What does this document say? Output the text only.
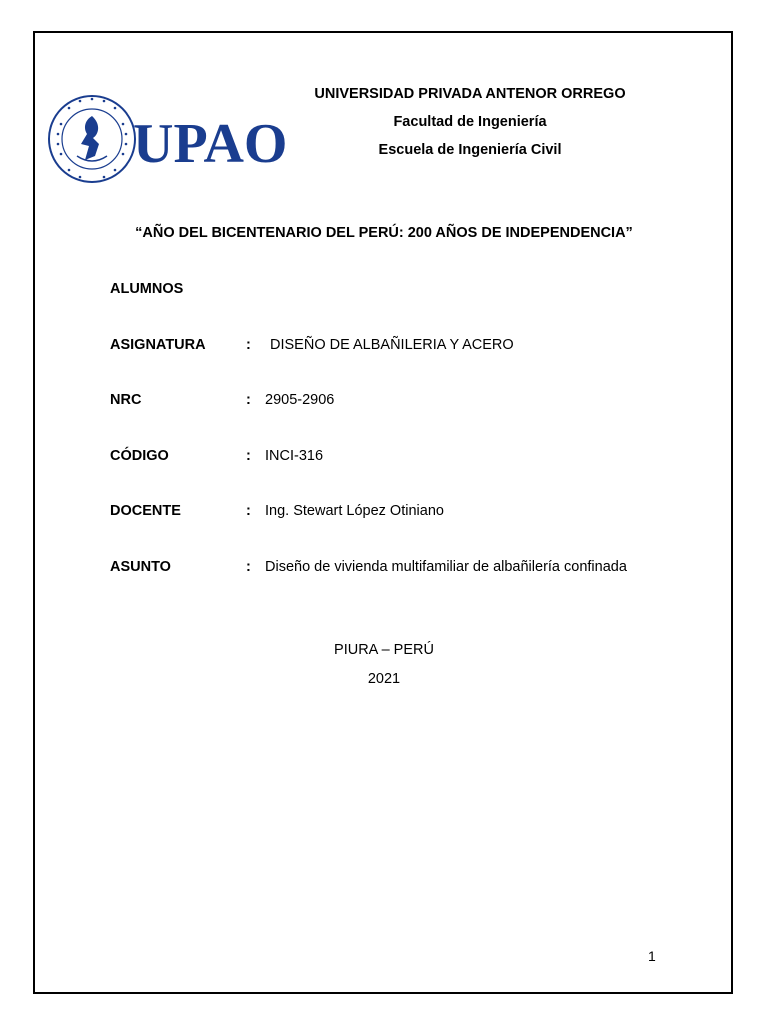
UPAO
UNIVERSIDAD PRIVADA ANTENOR ORREGO
Facultad de Ingeniería
Escuela de Ingeniería Civil
“AÑO DEL BICENTENARIO DEL PERÚ: 200 AÑOS DE INDEPENDENCIA”
ALUMNOS
ASIGNATURA	: DISEÑO DE ALBAÑILERIA Y ACERO
NRC	: 2905-2906
CÓDIGO	: INCI-316
DOCENTE	: Ing. Stewart López Otiniano
ASUNTO	: Diseño de vivienda multifamiliar de albañilería confinada
PIURA – PERÚ
2021
1
